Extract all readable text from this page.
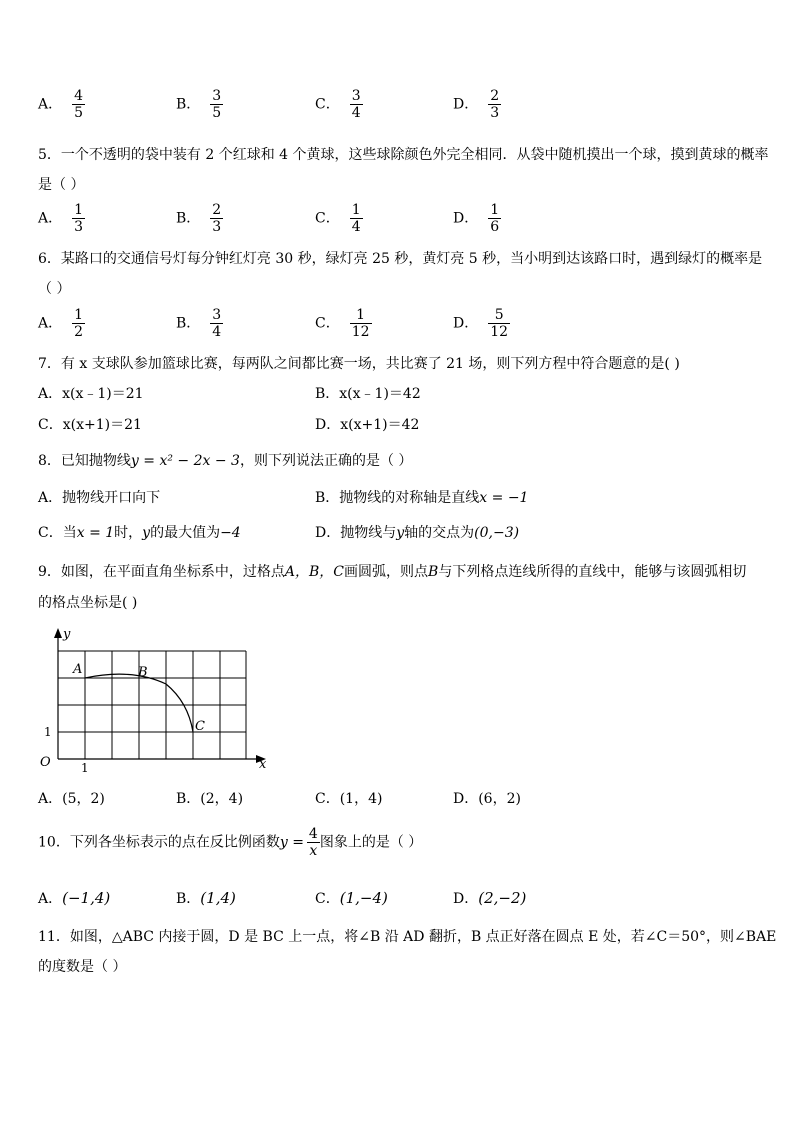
A． $\frac{4}{5}$	B． $\frac{3}{5}$	C． $\frac{3}{4}$	D． $\frac{2}{3}$
5．一个不透明的袋中装有 2 个红球和 4 个黄球，这些球除颜色外完全相同．从袋中随机摸出一个球，摸到黄球的概率
是（ ）
A． $\frac{1}{3}$	B． $\frac{2}{3}$	C． $\frac{1}{4}$	D． $\frac{1}{6}$
6．某路口的交通信号灯每分钟红灯亮 30 秒，绿灯亮 25 秒，黄灯亮 5 秒，当小明到达该路口时，遇到绿灯的概率是
（ ）
A． $\frac{1}{2}$	B． $\frac{3}{4}$	C． $\frac{1}{12}$	D． $\frac{5}{12}$
7．有 x 支球队参加篮球比赛，每两队之间都比赛一场，共比赛了 21 场，则下列方程中符合题意的是( )
A．x(x﹣1)＝21	B．x(x﹣1)＝42
C．x(x+1)＝21	D．x(x+1)＝42
8．已知抛物线y = x² − 2x − 3，则下列说法正确的是（ ）
A．抛物线开口向下	B．抛物线的对称轴是直线x = −1
C．当x = 1时，y的最大值为−4	D．抛物线与y轴的交点为(0,−3)
9．如图，在平面直角坐标系中，过格点A，B，C画圆弧，则点B与下列格点连线所得的直线中，能够与该圆弧相切
的格点坐标是( )
y
A	B
C
1
O	1	x
A．(5，2)	B．(2，4)	C．(1，4)	D．(6，2)
10．下列各坐标表示的点在反比例函数$y = \frac{4}{x}$ 图象上的是（ ）
A．(−1,4)	B．(1,4)	C．(1,−4)	D．(2,−2)
11．如图，△ABC 内接于圆，D 是 BC 上一点，将∠B 沿 AD 翻折，B 点正好落在圆点 E 处，若∠C＝50°，则∠BAE
的度数是（ ）
